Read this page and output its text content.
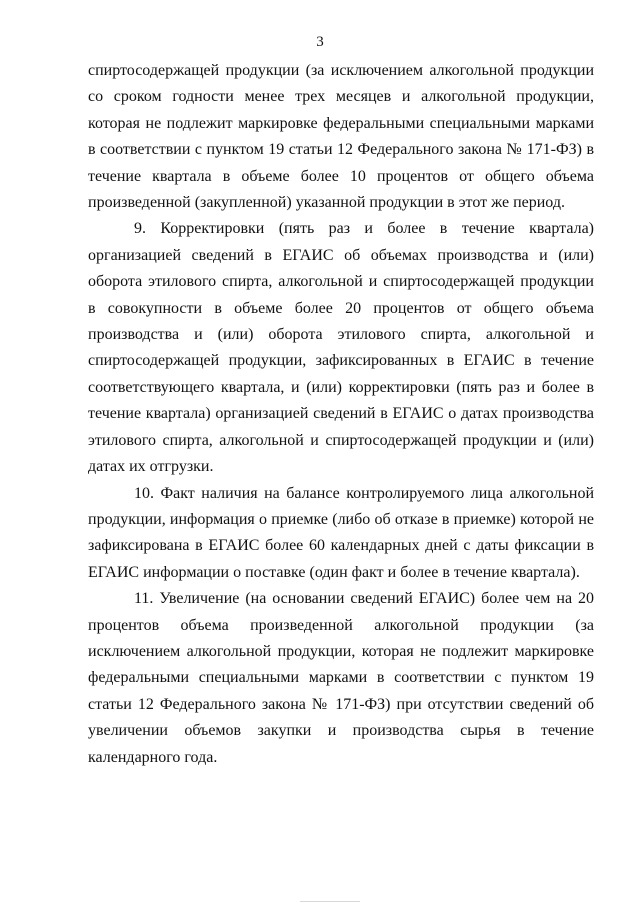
3

спиртосодержащей продукции (за исключением алкогольной продукции со сроком годности менее трех месяцев и алкогольной продукции, которая не подлежит маркировке федеральными специальными марками в соответствии с пунктом 19 статьи 12 Федерального закона № 171-ФЗ) в течение квартала в объеме более 10 процентов от общего объема произведенной (закупленной) указанной продукции в этот же период.

9. Корректировки (пять раз и более в течение квартала) организацией сведений в ЕГАИС об объемах производства и (или) оборота этилового спирта, алкогольной и спиртосодержащей продукции в совокупности в объеме более 20 процентов от общего объема производства и (или) оборота этилового спирта, алкогольной и спиртосодержащей продукции, зафиксированных в ЕГАИС в течение соответствующего квартала, и (или) корректировки (пять раз и более в течение квартала) организацией сведений в ЕГАИС о датах производства этилового спирта, алкогольной и спиртосодержащей продукции и (или) датах их отгрузки.

10. Факт наличия на балансе контролируемого лица алкогольной продукции, информация о приемке (либо об отказе в приемке) которой не зафиксирована в ЕГАИС более 60 календарных дней с даты фиксации в ЕГАИС информации о поставке (один факт и более в течение квартала).

11. Увеличение (на основании сведений ЕГАИС) более чем на 20 процентов объема произведенной алкогольной продукции (за исключением алкогольной продукции, которая не подлежит маркировке федеральными специальными марками в соответствии с пунктом 19 статьи 12 Федерального закона № 171-ФЗ) при отсутствии сведений об увеличении объемов закупки и производства сырья в течение календарного года.
